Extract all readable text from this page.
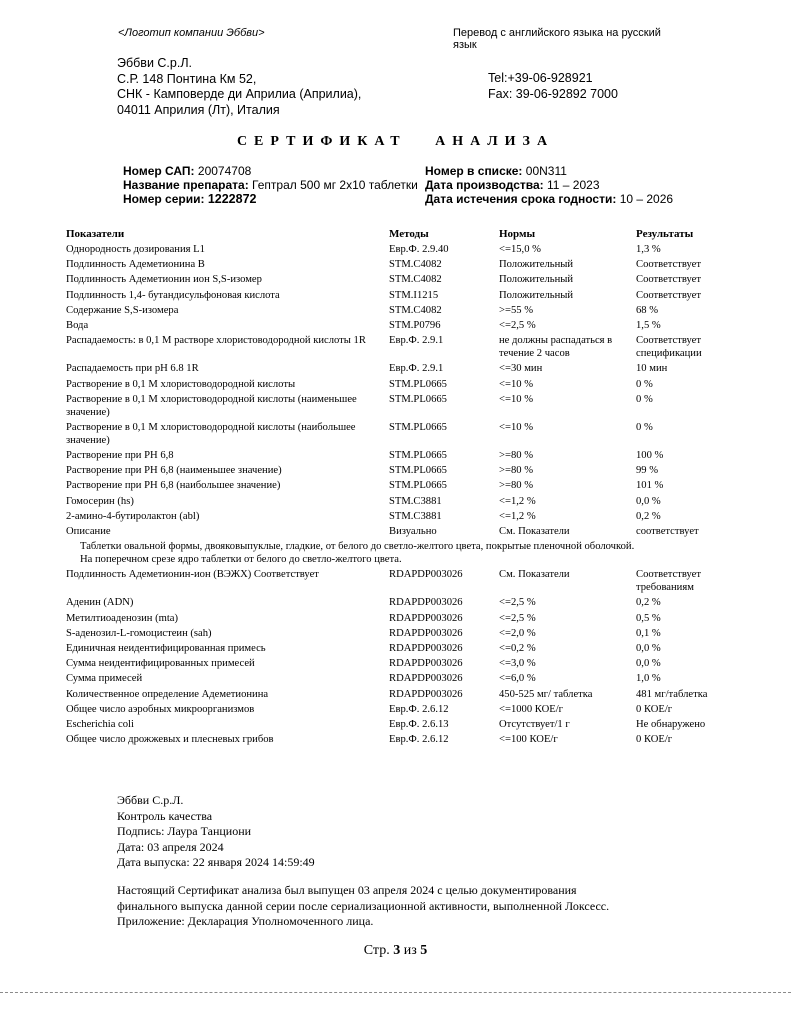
<Логотип компании Эббви>	Перевод с английского языка на русский язык
Эббви С.р.Л.
С.Р. 148 Понтина Км 52,
СНК - Камповерде ди Априлиа (Априлиа),
04011 Априлия (Лт), Италия
Tel:+39-06-928921
Fax: 39-06-92892 7000
СЕРТИФИКАТ АНАЛИЗА
Номер САП: 20074708
Название препарата: Гептрал 500 мг 2х10 таблетки
Номер серии: 1222872
Номер в списке: 00N311
Дата производства: 11 – 2023
Дата истечения срока годности: 10 – 2026
Показатели	Методы	Нормы	Результаты
Однородность дозирования L1	Евр.Ф. 2.9.40	<=15,0 %	1,3 %
Подлинность Адеметионина В	STM.C4082	Положительный	Соответствует
Подлинность Адеметионин ион S,S-изомер	STM.C4082	Положительный	Соответствует
Подлинность 1,4- бутандисульфоновая кислота	STM.I1215	Положительный	Соответствует
Содержание S,S-изомера	STM.C4082	>=55 %	68 %
Вода	STM.P0796	<=2,5 %	1,5 %
Распадаемость: в 0,1 М растворе хлористоводородной кислоты 1R	Евр.Ф. 2.9.1	не должны распадаться в течение 2 часов	Соответствует спецификации
Распадаемость при pH 6.8 1R	Евр.Ф. 2.9.1	<=30 мин	10 мин
Растворение в 0,1 М хлористоводородной кислоты	STM.PL0665	<=10 %	0 %
Растворение в 0,1 М хлористоводородной кислоты (наименьшее значение)	STM.PL0665	<=10 %	0 %
Растворение в 0,1 М хлористоводородной кислоты (наибольшее значение)	STM.PL0665	<=10 %	0 %
Растворение при РН 6,8	STM.PL0665	>=80 %	100 %
Растворение при РН 6,8 (наименьшее значение)	STM.PL0665	>=80 %	99 %
Растворение при РН 6,8 (наибольшее значение)	STM.PL0665	>=80 %	101 %
Гомосерин (hs)	STM.C3881	<=1,2 %	0,0 %
2-амино-4-бутиролактон (abl)	STM.C3881	<=1,2 %	0,2 %
Описание	Визуально	См. Показатели	соответствует
Таблетки овальной формы, двояковыпуклые, гладкие, от белого до светло-желтого цвета, покрытые пленочной оболочкой. На поперечном срезе ядро таблетки от белого до светло-желтого цвета.			
Подлинность Адеметионин-ион (ВЭЖХ) Соответствует	RDAPDP003026	См. Показатели	Соответствует требованиям
Аденин (ADN)	RDAPDP003026	<=2,5 %	0,2 %
Метилтиоаденозин (mta)	RDAPDP003026	<=2,5 %	0,5 %
S-аденозил-L-гомоцистеин (sah)	RDAPDP003026	<=2,0 %	0,1 %
Единичная неидентифицированная примесь	RDAPDP003026	<=0,2 %	0,0 %
Сумма неидентифицированных примесей	RDAPDP003026	<=3,0 %	0,0 %
Сумма примесей	RDAPDP003026	<=6,0 %	1,0 %
Количественное определение Адеметионина	RDAPDP003026	450-525 мг/ таблетка	481 мг/таблетка
Общее число аэробных микроорганизмов	Евр.Ф. 2.6.12	<=1000 КОЕ/г	0 КОЕ/г
Escherichia coli	Евр.Ф. 2.6.13	Отсутствует/1 г	Не обнаружено
Общее число дрожжевых и плесневых грибов	Евр.Ф. 2.6.12	<=100 КОЕ/г	0 КОЕ/г
Эббви С.р.Л.
Контроль качества
Подпись: Лаура Танциони
Дата: 03 апреля 2024
Дата выпуска: 22 января 2024 14:59:49
Настоящий Сертификат анализа был выпущен 03 апреля 2024 с целью документирования
финального выпуска данной серии после сериализационной активности, выполненной Локсесс.
Приложение: Декларация Уполномоченного лица.
Стр. 3 из 5
